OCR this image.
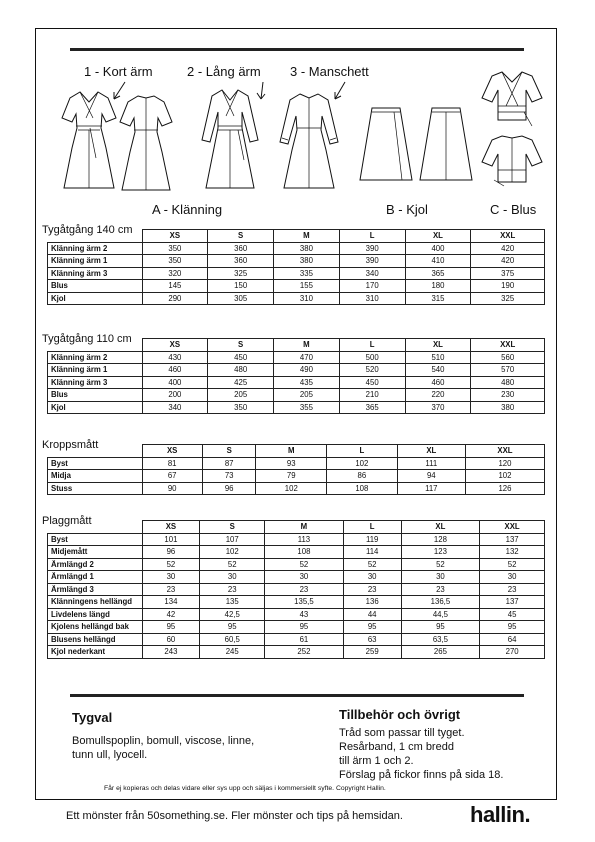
1 - Kort ärm	2 - Lång ärm 3 - Manschett
A - Klänning	B - Kjol	C - Blus
Tygåtgång 140 cm
		XS	S	M	L	XL	XXL
Klänning ärm 2	350	360	380	390	400	420
Klänning ärm 1	350	360	380	390	410	420
Klänning ärm 3	320	325	335	340	365	375
Blus	145	150	155	170	180	190
Kjol	290	305	310	310	315	325
Tygåtgång 110 cm
		XS	S	M	L	XL	XXL
Klänning ärm 2	430	450	470	500	510	560
Klänning ärm 1	460	480	490	520	540	570
Klänning ärm 3	400	425	435	450	460	480
Blus	200	205	205	210	220	230
Kjol	340	350	355	365	370	380
Kroppsmått
		XS	S	M	L	XL	XXL
Byst	81	87	93	102	111	120
Midja	67	73	79	86	94	102
Stuss	90	96	102	108	117	126
Plaggmått
		XS	S	M	L	XL	XXL
Byst	101	107	113	119	128	137
Midjemått	96	102	108	114	123	132
Ärmlängd 2	52	52	52	52	52	52
Ärmlängd 1	30	30	30	30	30	30
Ärmlängd 3	23	23	23	23	23	23
Klänningens hellängd	134	135	135,5	136	136,5	137
Livdelens längd	42	42,5	43	44	44,5	45
Kjolens hellängd bak	95	95	95	95	95	95
Blusens hellängd	60	60,5	61	63	63,5	64
Kjol nederkant	243	245	252	259	265	270
Tygval
Bomullspoplin, bomull, viscose, linne,
tunn ull, lyocell.
Tillbehör och övrigt
Tråd som passar till tyget.
Resårband, 1 cm bredd
till ärm 1 och 2.
Förslag på fickor finns på sida 18.
Får ej kopieras och delas vidare eller sys upp och säljas i kommersiellt syfte. Copyright Hallin.
Ett mönster från 50something.se. Fler mönster och tips på hemsidan.	hallin.
